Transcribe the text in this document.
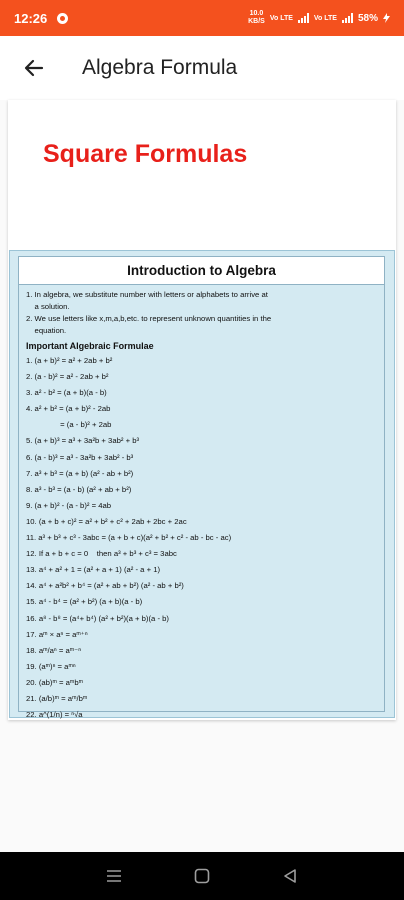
12:26	10.0
KB/S Vo LTE	Vo LTE 58%
Algebra Formula
Square Formulas
Introduction to Algebra
1. In algebra, we substitute number with letters or alphabets to arrive at
a solution.
2. We use letters like x,m,a,b,etc. to represent unknown quantities in the
equation.
Important Algebraic Formulae
1. (a + b)² = a² + 2ab + b²
2. (a - b)² = a² - 2ab + b²
3. a² - b² = (a + b)(a - b)
4. a² + b² = (a + b)² - 2ab
= (a - b)² + 2ab
5. (a + b)³ = a³ + 3a²b + 3ab² + b³
6. (a - b)³ = a³ - 3a²b + 3ab² - b³
7. a³ + b³ = (a + b) (a² - ab + b²)
8. a³ - b³ = (a - b) (a² + ab + b²)
9. (a + b)² - (a - b)² = 4ab
10. (a + b + c)² = a² + b² + c² + 2ab + 2bc + 2ac
11. a³ + b³ + c³ - 3abc = (a + b + c)(a² + b² + c² - ab - bc - ac)
12. If a + b + c = 0    then a³ + b³ + c³ = 3abc
13. a⁴ + a² + 1 = (a² + a + 1) (a² - a + 1)
14. a⁴ + a²b² + b⁴ = (a² + ab + b²) (a² - ab + b²)
15. a⁴ - b⁴ = (a² + b²) (a + b)(a - b)
16. a⁸ - b⁸ = (a⁴+ b⁴) (a² + b²)(a + b)(a - b)
17. aᵐ × aⁿ = aᵐ⁺ⁿ
18. aᵐ/aⁿ = aᵐ⁻ⁿ
19. (aᵐ)ⁿ = aᵐⁿ
20. (ab)ᵐ = aᵐbᵐ
21. (a/b)ᵐ = aᵐ/bᵐ
22. a^(1/n) = ⁿ√a
